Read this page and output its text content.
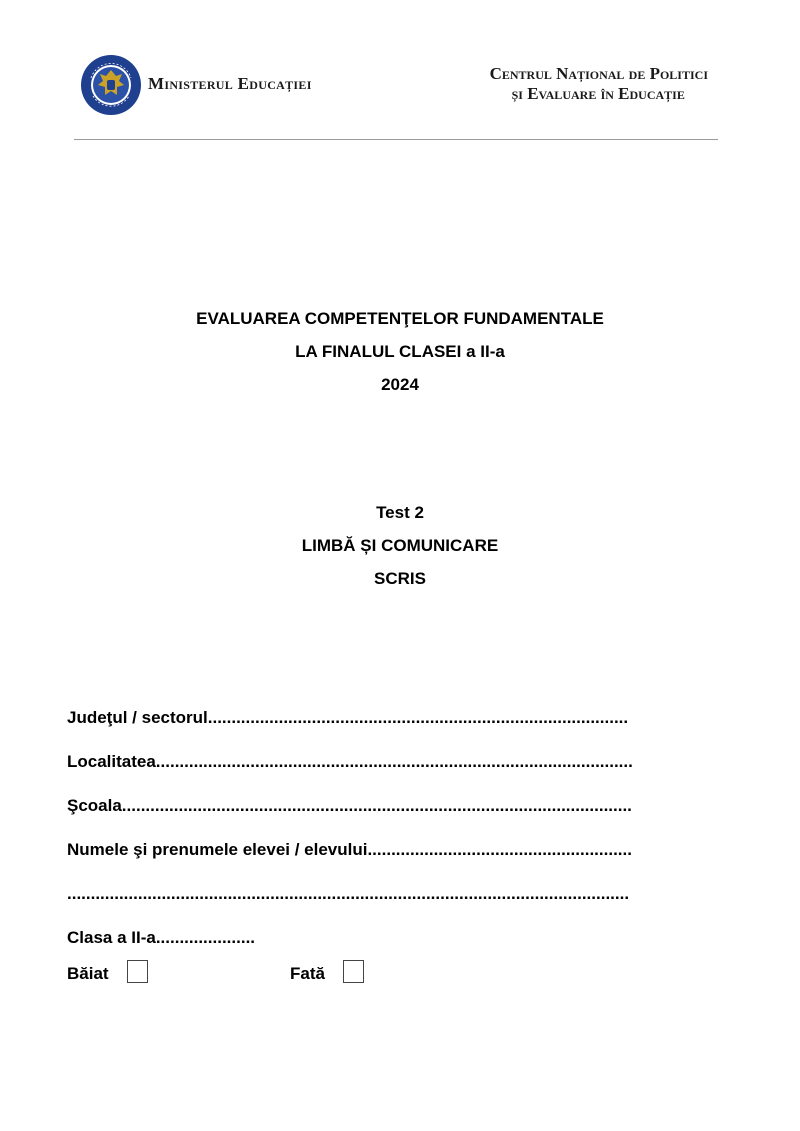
Ministerul Educației
Centrul Național de Politici
și Evaluare în Educație
EVALUAREA COMPETENŢELOR FUNDAMENTALE
LA FINALUL CLASEI a II-a
2024
Test 2
LIMBĂ ȘI COMUNICARE
SCRIS
Judeţul / sectorul.........................................................................................
Localitatea.....................................................................................................
Şcoala............................................................................................................
Numele şi prenumele elevei / elevului........................................................
.......................................................................................................................
Clasa a II-a.....................
Băiat	Fată
